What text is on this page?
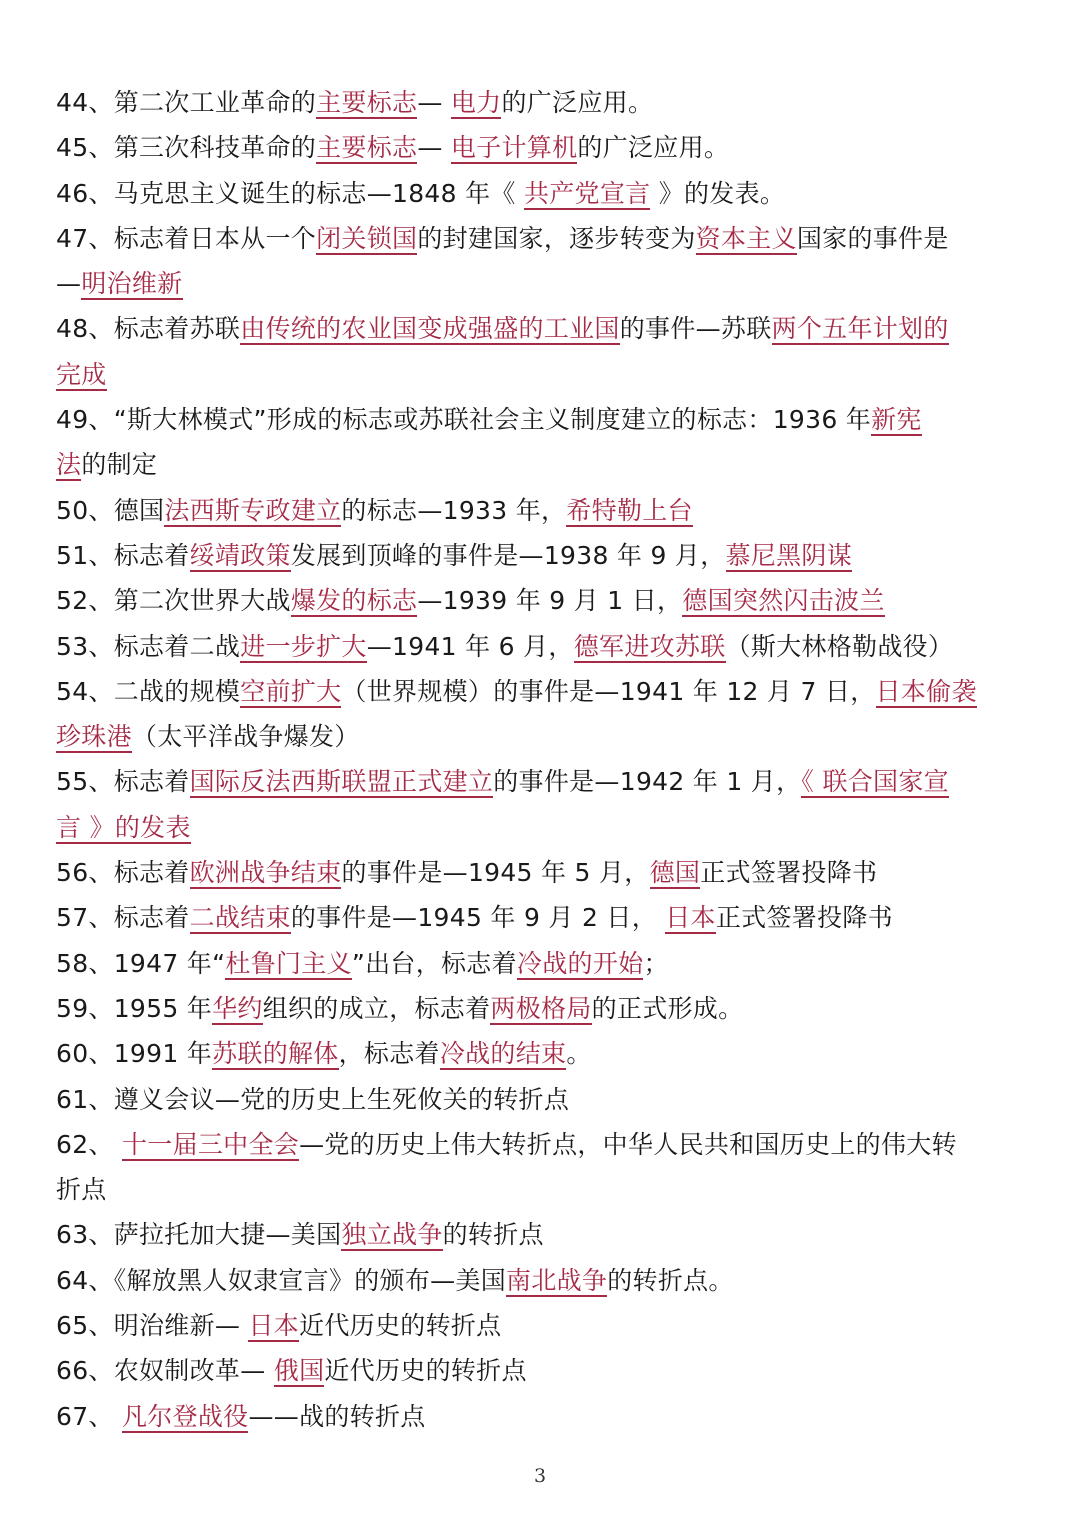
44、第二次工业革命的主要标志— 电力的广泛应用。
45、第三次科技革命的主要标志— 电子计算机的广泛应用。
46、马克思主义诞生的标志—1848 年《 共产党宣言 》的发表。
47、标志着日本从一个闭关锁国的封建国家，逐步转变为资本主义国家的事件是
—明治维新
48、标志着苏联由传统的农业国变成强盛的工业国的事件—苏联两个五年计划的
完成
49、“斯大林模式”形成的标志或苏联社会主义制度建立的标志：1936 年新宪
法的制定
50、德国法西斯专政建立的标志—1933 年，希特勒上台
51、标志着绥靖政策发展到顶峰的事件是—1938 年 9 月，慕尼黑阴谋
52、第二次世界大战爆发的标志—1939 年 9 月 1 日，德国突然闪击波兰
53、标志着二战进一步扩大—1941 年 6 月，德军进攻苏联（斯大林格勒战役）
54、二战的规模空前扩大（世界规模）的事件是—1941 年 12 月 7 日，日本偷袭
珍珠港（太平洋战争爆发）
55、标志着国际反法西斯联盟正式建立的事件是—1942 年 1 月，《 联合国家宣
言 》的发表
56、标志着欧洲战争结束的事件是—1945 年 5 月，德国正式签署投降书
57、标志着二战结束的事件是—1945 年 9 月 2 日， 日本正式签署投降书
58、1947 年“杜鲁门主义”出台，标志着冷战的开始；
59、1955 年华约组织的成立，标志着两极格局的正式形成。
60、1991 年苏联的解体，标志着冷战的结束。
61、遵义会议—党的历史上生死攸关的转折点
62、 十一届三中全会—党的历史上伟大转折点，中华人民共和国历史上的伟大转
折点
63、萨拉托加大捷—美国独立战争的转折点
64、《解放黑人奴隶宣言》的颁布—美国南北战争的转折点。
65、明治维新— 日本近代历史的转折点
66、农奴制改革— 俄国近代历史的转折点
67、 凡尔登战役——战的转折点
3
